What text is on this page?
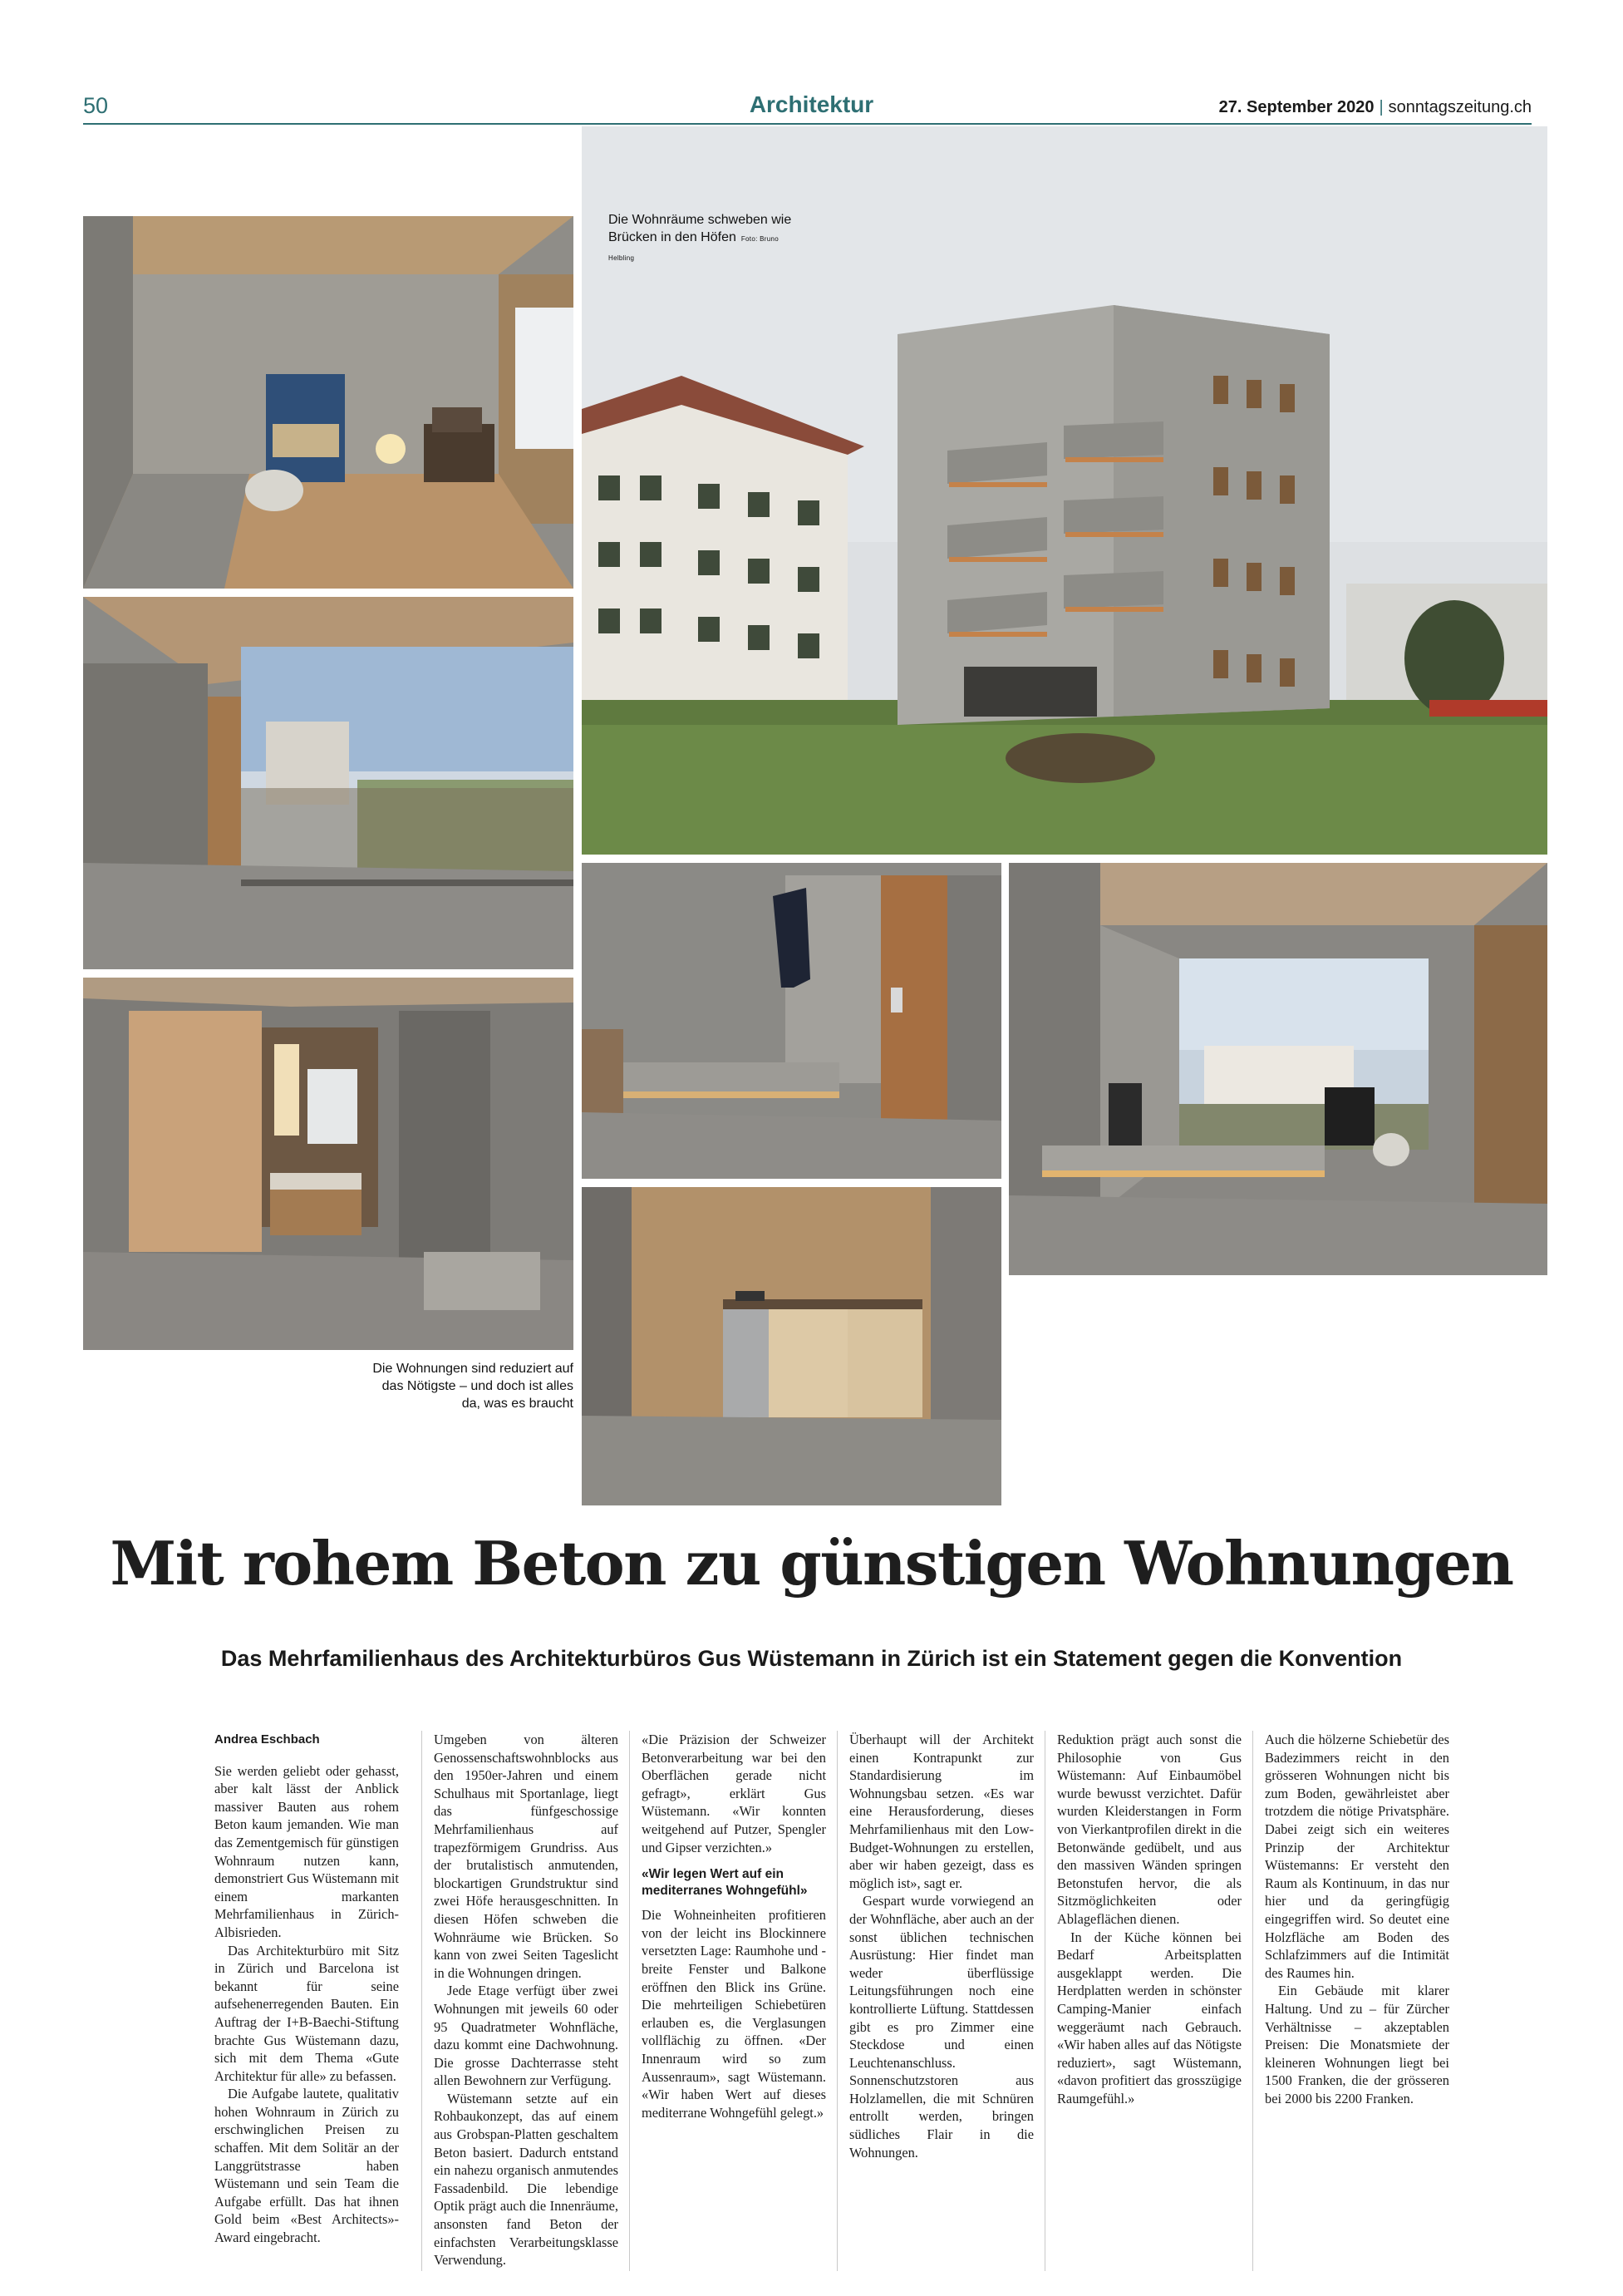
50	Architektur	27. September 2020 | sonntagszeitung.ch
Die Wohnräume schweben wie Brücken in den Höfen Foto: Bruno Helbling
Die Wohnungen sind reduziert auf das Nötigste – und doch ist alles da, was es braucht
Mit rohem Beton zu günstigen Wohnungen
Das Mehrfamilienhaus des Architekturbüros Gus Wüstemann in Zürich ist ein Statement gegen die Konvention

Andrea Eschbach

Sie werden geliebt oder gehasst, aber kalt lässt der Anblick massiver Bauten aus rohem Beton kaum jemanden. Wie man das Zementgemisch für günstigen Wohnraum nutzen kann, demonstriert Gus Wüstemann mit einem markanten Mehrfamilienhaus in Zürich-Albisrieden.

Das Architekturbüro mit Sitz in Zürich und Barcelona ist bekannt für seine aufsehenerregenden Bauten. Ein Auftrag der I+B-Baechi-Stiftung brachte Gus Wüstemann dazu, sich mit dem Thema «Gute Architektur für alle» zu befassen.

Die Aufgabe lautete, qualitativ hohen Wohnraum in Zürich zu erschwinglichen Preisen zu schaffen. Mit dem Solitär an der Langgrütstrasse haben Wüstemann und sein Team die Aufgabe erfüllt. Das hat ihnen Gold beim «Best Architects»-Award eingebracht.

Umgeben von älteren Genossenschaftswohnblocks aus den 1950er-Jahren und einem Schulhaus mit Sportanlage, liegt das fünfgeschossige Mehrfamilienhaus auf trapezförmigem Grundriss. Aus der brutalistisch anmutenden, blockartigen Grundstruktur sind zwei Höfe herausgeschnitten. In diesen Höfen schweben die Wohnräume wie Brücken. So kann von zwei Seiten Tageslicht in die Wohnungen dringen.

Jede Etage verfügt über zwei Wohnungen mit jeweils 60 oder 95 Quadratmeter Wohnfläche, dazu kommt eine Dachwohnung. Die grosse Dachterrasse steht allen Bewohnern zur Verfügung.

Wüstemann setzte auf ein Rohbaukonzept, das auf einem aus Grobspan-Platten geschaltem Beton basiert. Dadurch entstand ein nahezu organisch anmutendes Fassadenbild. Die lebendige Optik prägt auch die Innenräume, ansonsten fand Beton der einfachsten Verarbeitungsklasse Verwendung.

«Die Präzision der Schweizer Betonverarbeitung war bei den Oberflächen gerade nicht gefragt», erklärt Gus Wüstemann. «Wir konnten weitgehend auf Putzer, Spengler und Gipser verzichten.»

«Wir legen Wert auf ein mediterranes Wohngefühl»

Die Wohneinheiten profitieren von der leicht ins Blockinnere versetzten Lage: Raumhohe und -breite Fenster und Balkone eröffnen den Blick ins Grüne. Die mehrteiligen Schiebetüren erlauben es, die Verglasungen vollflächig zu öffnen. «Der Innenraum wird so zum Aussenraum», sagt Wüstemann. «Wir haben Wert auf dieses mediterrane Wohngefühl gelegt.»

Überhaupt will der Architekt einen Kontrapunkt zur Standardisierung im Wohnungsbau setzen. «Es war eine Herausforderung, dieses Mehrfamilienhaus mit den Low-Budget-Wohnungen zu erstellen, aber wir haben gezeigt, dass es möglich ist», sagt er.

Gespart wurde vorwiegend an der Wohnfläche, aber auch an der sonst üblichen technischen Ausrüstung: Hier findet man weder überflüssige Leitungsführungen noch eine kontrollierte Lüftung. Stattdessen gibt es pro Zimmer eine Steckdose und einen Leuchtenanschluss. Sonnenschutzstoren aus Holzlamellen, die mit Schnüren entrollt werden, bringen südliches Flair in die Wohnungen.

Reduktion prägt auch sonst die Philosophie von Gus Wüstemann: Auf Einbaumöbel wurde bewusst verzichtet. Dafür wurden Kleiderstangen in Form von Vierkantprofilen direkt in die Betonwände gedübelt, und aus den massiven Wänden springen Betonstufen hervor, die als Sitzmöglichkeiten oder Ablageflächen dienen.

In der Küche können bei Bedarf Arbeitsplatten ausgeklappt werden. Die Herdplatten werden in schönster Camping-Manier einfach weggeräumt nach Gebrauch. «Wir haben alles auf das Nötigste reduziert», sagt Wüstemann, «davon profitiert das grosszügige Raumgefühl.»

Auch die hölzerne Schiebetür des Badezimmers reicht in den grösseren Wohnungen nicht bis zum Boden, gewährleistet aber trotzdem die nötige Privatsphäre. Dabei zeigt sich ein weiteres Prinzip der Architektur Wüstemanns: Er versteht den Raum als Kontinuum, in das nur hier und da geringfügig eingegriffen wird. So deutet eine Holzfläche am Boden des Schlafzimmers auf die Intimität des Raumes hin.

Ein Gebäude mit klarer Haltung. Und zu – für Zürcher Verhältnisse – akzeptablen Preisen: Die Monatsmiete der kleineren Wohnungen liegt bei 1500 Franken, die der grösseren bei 2000 bis 2200 Franken.
